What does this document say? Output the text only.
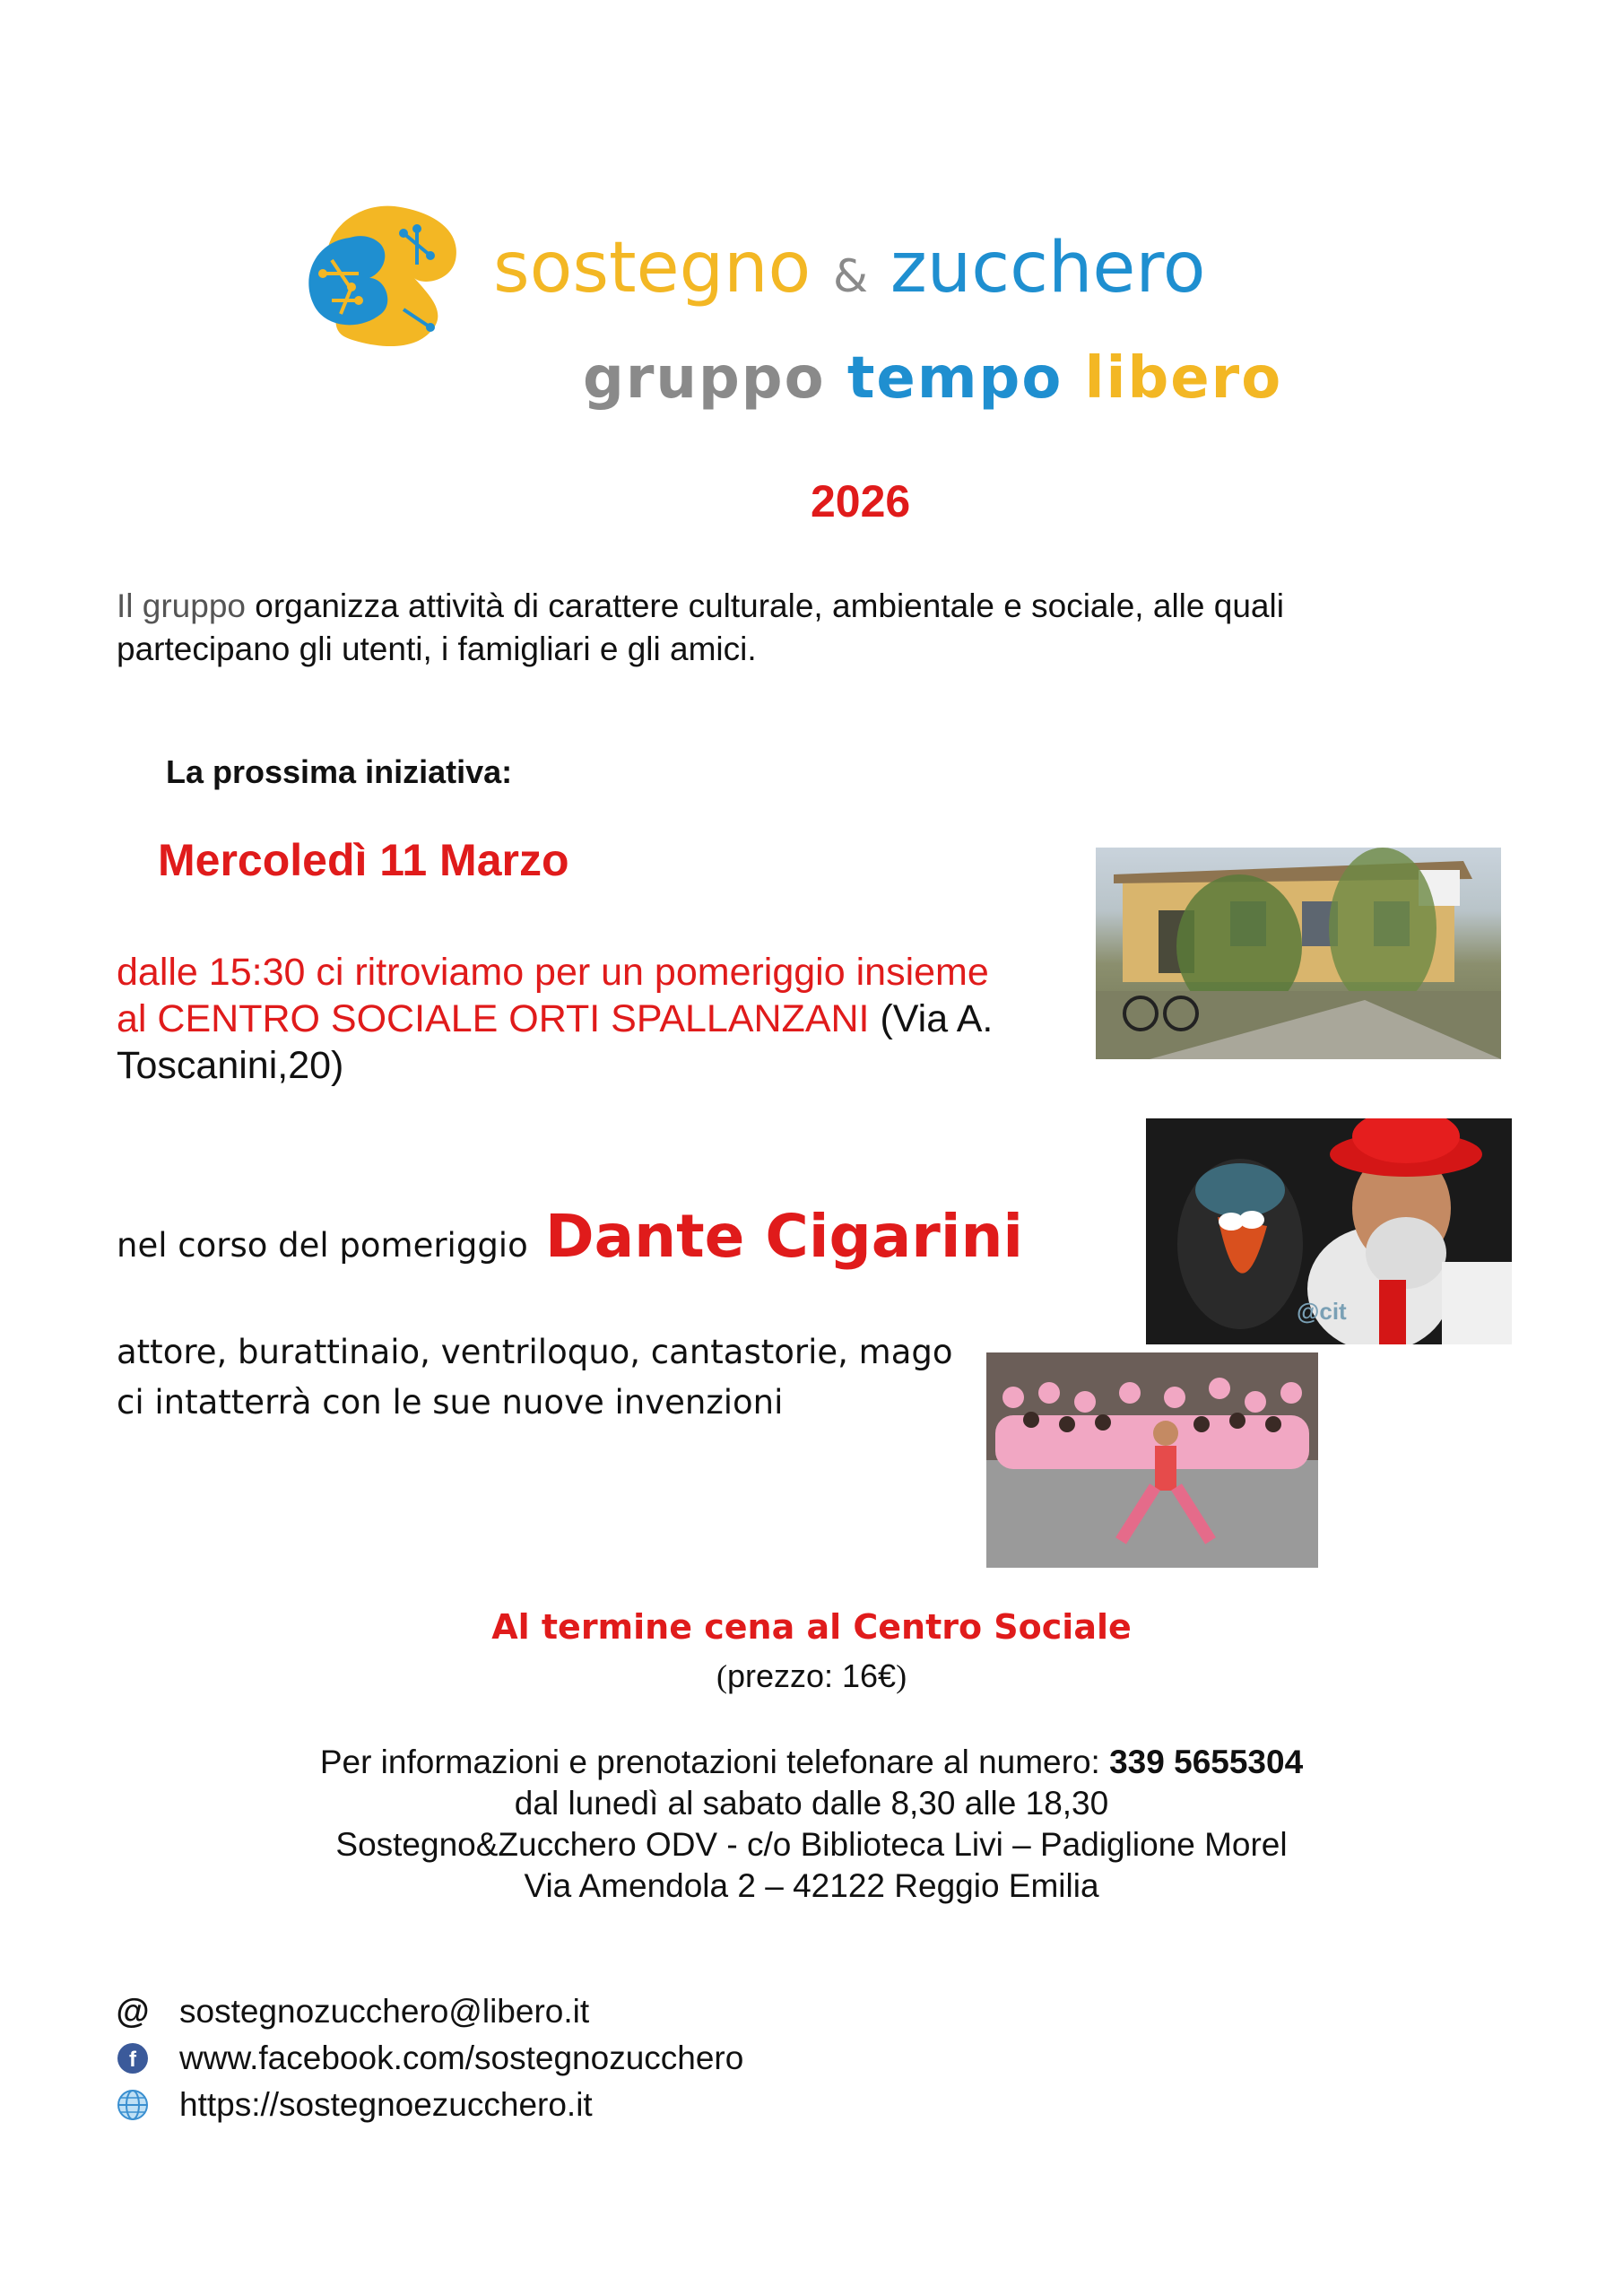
sostegno & zucchero
gruppo tempo libero
2026
Il gruppo organizza attività di carattere culturale, ambientale e sociale, alle quali partecipano gli utenti, i famigliari e gli amici.
La prossima iniziativa:
Mercoledì 11 Marzo
dalle 15:30 ci ritroviamo per un pomeriggio insieme al CENTRO SOCIALE ORTI SPALLANZANI (Via A. Toscanini,20)
nel corso del pomeriggio Dante Cigarini
attore, burattinaio, ventriloquo, cantastorie, mago
ci intatterrà con le sue nuove invenzioni
@cit
Al termine cena al Centro Sociale
(prezzo: 16€)
Per informazioni e prenotazioni telefonare al numero: 339 5655304
dal lunedì al sabato dalle 8,30 alle 18,30
Sostegno&Zucchero ODV - c/o Biblioteca Livi – Padiglione Morel
Via Amendola 2 – 42122 Reggio Emilia
@ sostegnozucchero@libero.it
f www.facebook.com/sostegnozucchero
https://sostegnoezucchero.it
